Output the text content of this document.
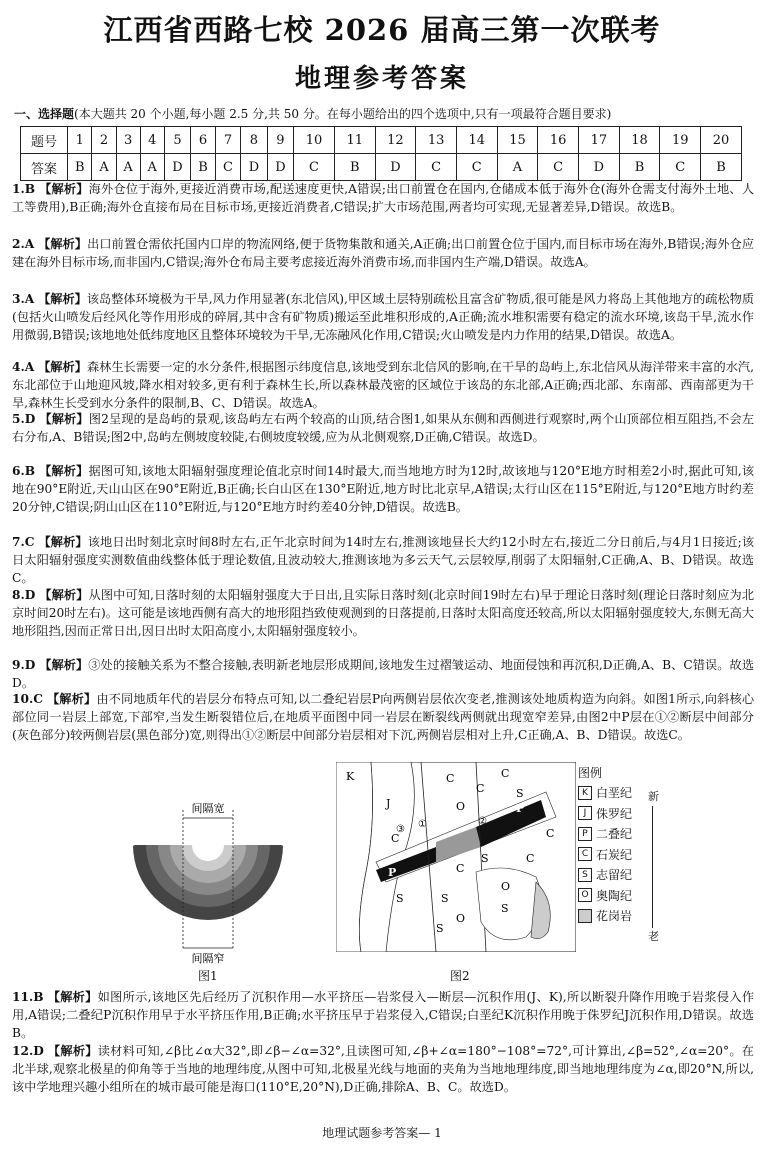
江西省西路七校 2026 届高三第一次联考
地理参考答案
一、选择题(本大题共 20 个小题,每小题 2.5 分,共 50 分。在每小题给出的四个选项中,只有一项最符合题目要求)
题号	1	2	3	4	5	6	7	8	9	10	11	12	13	14	15	16	17	18	19	20
答案	B	A	A	A	D	B	C	D	D	C	B	D	C	C	A	C	D	B	C	B
1.B 【解析】海外仓位于海外,更接近消费市场,配送速度更快,A错误;出口前置仓在国内,仓储成本低于海外仓(海外仓需支付海外土地、人工等费用),B正确;海外仓直接布局在目标市场,更接近消费者,C错误;扩大市场范围,两者均可实现,无显著差异,D错误。故选B。
2.A 【解析】出口前置仓需依托国内口岸的物流网络,便于货物集散和通关,A正确;出口前置仓位于国内,而目标市场在海外,B错误;海外仓应建在海外目标市场,而非国内,C错误;海外仓布局主要考虑接近海外消费市场,而非国内生产端,D错误。故选A。
3.A 【解析】该岛整体环境极为干旱,风力作用显著(东北信风),甲区域土层特别疏松且富含矿物质,很可能是风力将岛上其他地方的疏松物质(包括火山喷发后经风化等作用形成的碎屑,其中含有矿物质)搬运至此堆积形成的,A正确;流水堆积需要有稳定的流水环境,该岛干旱,流水作用微弱,B错误;该地地处低纬度地区且整体环境较为干旱,无冻融风化作用,C错误;火山喷发是内力作用的结果,D错误。故选A。
4.A 【解析】森林生长需要一定的水分条件,根据图示纬度信息,该地受到东北信风的影响,在干旱的岛屿上,东北信风从海洋带来丰富的水汽,东北部位于山地迎风坡,降水相对较多,更有利于森林生长,所以森林最茂密的区域位于该岛的东北部,A正确;西北部、东南部、西南部更为干旱,森林生长受到水分条件的限制,B、C、D错误。故选A。
5.D 【解析】图2呈现的是岛屿的景观,该岛屿左右两个较高的山顶,结合图1,如果从东侧和西侧进行观察时,两个山顶部位相互阻挡,不会左右分布,A、B错误;图2中,岛屿左侧坡度较陡,右侧坡度较缓,应为从北侧观察,D正确,C错误。故选D。
6.B 【解析】据图可知,该地太阳辐射强度理论值北京时间14时最大,而当地地方时为12时,故该地与120°E地方时相差2小时,据此可知,该地在90°E附近,天山山区在90°E附近,B正确;长白山区在130°E附近,地方时比北京早,A错误;太行山区在115°E附近,与120°E地方时约差20分钟,C错误;阴山山区在110°E附近,与120°E地方时约差40分钟,D错误。故选B。
7.C 【解析】该地日出时刻北京时间8时左右,正午北京时间为14时左右,推测该地昼长大约12小时左右,接近二分日前后,与4月1日接近;该日太阳辐射强度实测数值曲线整体低于理论数值,且波动较大,推测该地为多云天气,云层较厚,削弱了太阳辐射,C正确,A、B、D错误。故选C。
8.D 【解析】从图中可知,日落时刻的太阳辐射强度大于日出,且实际日落时刻(北京时间19时左右)早于理论日落时刻(理论日落时刻应为北京时间20时左右)。这可能是该地西侧有高大的地形阻挡致使观测到的日落提前,日落时太阳高度还较高,所以太阳辐射强度较大,东侧无高大地形阻挡,因而正常日出,因日出时太阳高度小,太阳辐射强度较小。
9.D 【解析】③处的接触关系为不整合接触,表明新老地层形成期间,该地发生过褶皱运动、地面侵蚀和再沉积,D正确,A、B、C错误。故选D。
10.C 【解析】由不同地质年代的岩层分布特点可知,以二叠纪岩层P向两侧岩层依次变老,推测该处地质构造为向斜。如图1所示,向斜核心部位同一岩层上部宽,下部窄,当发生断裂错位后,在地质平面图中同一岩层在断裂线两侧就出现宽窄差异,由图2中P层在①②断层中间部分(灰色部分)较两侧岩层(黑色部分)宽,则得出①②断层中间部分岩层相对下沉,两侧岩层相对上升,C正确,A、B、D错误。故选C。
间隔宽
间隔窄
图1
K
J
C
S
C
O
C
S
O
S
C
S
O
C
S
C
S
P
P
③ ①	②
C
图2
图例
K 白垩纪
J 侏罗纪
P 二叠纪
C 石炭纪
S 志留纪
O 奥陶纪
花岗岩
新
老
11.B 【解析】如图所示,该地区先后经历了沉积作用—水平挤压—岩浆侵入—断层—沉积作用(J、K),所以断裂升降作用晚于岩浆侵入作用,A错误;二叠纪P沉积作用早于水平挤压作用,B正确;水平挤压早于岩浆侵入,C错误;白垩纪K沉积作用晚于侏罗纪J沉积作用,D错误。故选B。
12.D 【解析】读材料可知,∠β比∠α大32°,即∠β−∠α=32°,且读图可知,∠β+∠α=180°−108°=72°,可计算出,∠β=52°,∠α=20°。在北半球,观察北极星的仰角等于当地的地理纬度,从图中可知,北极星光线与地面的夹角为当地地理纬度,即当地地理纬度为∠α,即20°N,所以,该中学地理兴趣小组所在的城市最可能是海口(110°E,20°N),D正确,排除A、B、C。故选D。
地理试题参考答案— 1
